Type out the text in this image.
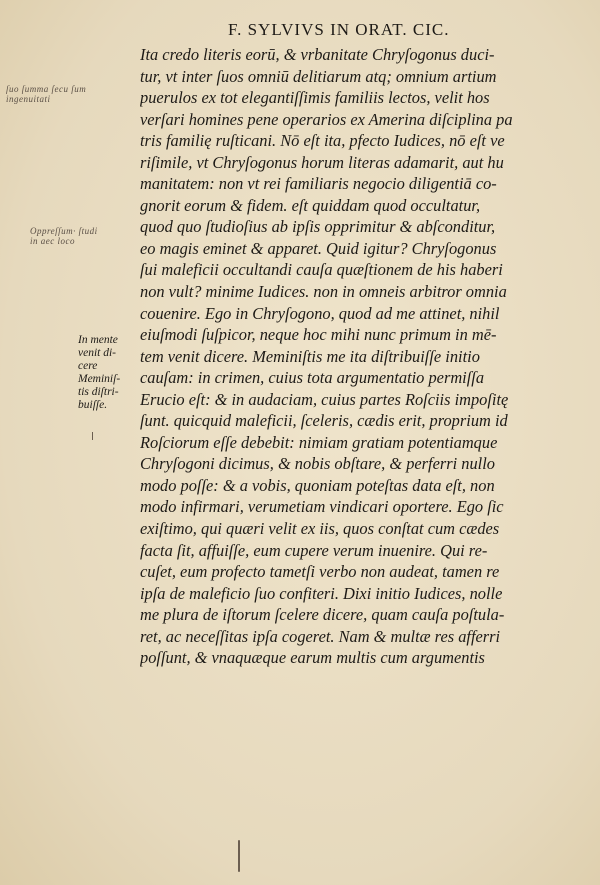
F. SYLVIVS IN ORAT. CIC.
ſuo ſumma ſecu ſum
ingenuitati
Oppreſſum· ſtudi
in aec loco
Ita credo literis eorū, & vrbanitate Chryſogonus duci-
tur, vt inter ſuos omniū delitiarum atq; omnium artium
puerulos ex tot elegantiſſimis familiis lectos, velit hos
verſari homines pene operarios ex Amerina diſciplina pa
tris familię ruſticani. Nō eſt ita, pfecto Iudices, nō eſt ve
riſimile, vt Chryſogonus horum literas adamarit, aut hu
manitatem: non vt rei familiaris negocio diligentiā co-
gnorit eorum & fidem. eſt quiddam quod occultatur,
quod quo ſtudioſius ab ipſis opprimitur & abſconditur,
eo magis eminet & apparet. Quid igitur? Chryſogonus
ſui maleficii occultandi cauſa quæſtionem de his haberi
non vult? minime Iudices. non in omneis arbitror omnia
couenire. Ego in Chryſogono, quod ad me attinet, nihil
eiuſmodi ſuſpicor, neque hoc mihi nunc primum in mē-
tem venit dicere. Meminiſtis me ita diſtribuiſſe initio
cauſam: in crimen, cuius tota argumentatio permiſſa
Erucio eſt: & in audaciam, cuius partes Roſciis impoſitę
ſunt. quicquid maleficii, ſceleris, cædis erit, proprium id
Roſciorum eſſe debebit: nimiam gratiam potentiamque
Chryſogoni dicimus, & nobis obſtare, & perferri nullo
modo poſſe: & a vobis, quoniam poteſtas data eſt, non
modo infirmari, verumetiam vindicari oportere. Ego ſic
exiſtimo, qui quæri velit ex iis, quos conſtat cum cædes
facta ſit, affuiſſe, eum cupere verum inuenire. Qui re-
cuſet, eum profecto tametſi verbo non audeat, tamen re
ipſa de maleficio ſuo confiteri. Dixi initio Iudices, nolle
me plura de iſtorum ſcelere dicere, quam cauſa poſtula-
ret, ac neceſſitas ipſa cogeret. Nam & multæ res afferri
poſſunt, & vnaquæque earum multis cum argumentis
In mente
venit di-
cere
Meminiſ-
tis diſtri-
buiſſe.
